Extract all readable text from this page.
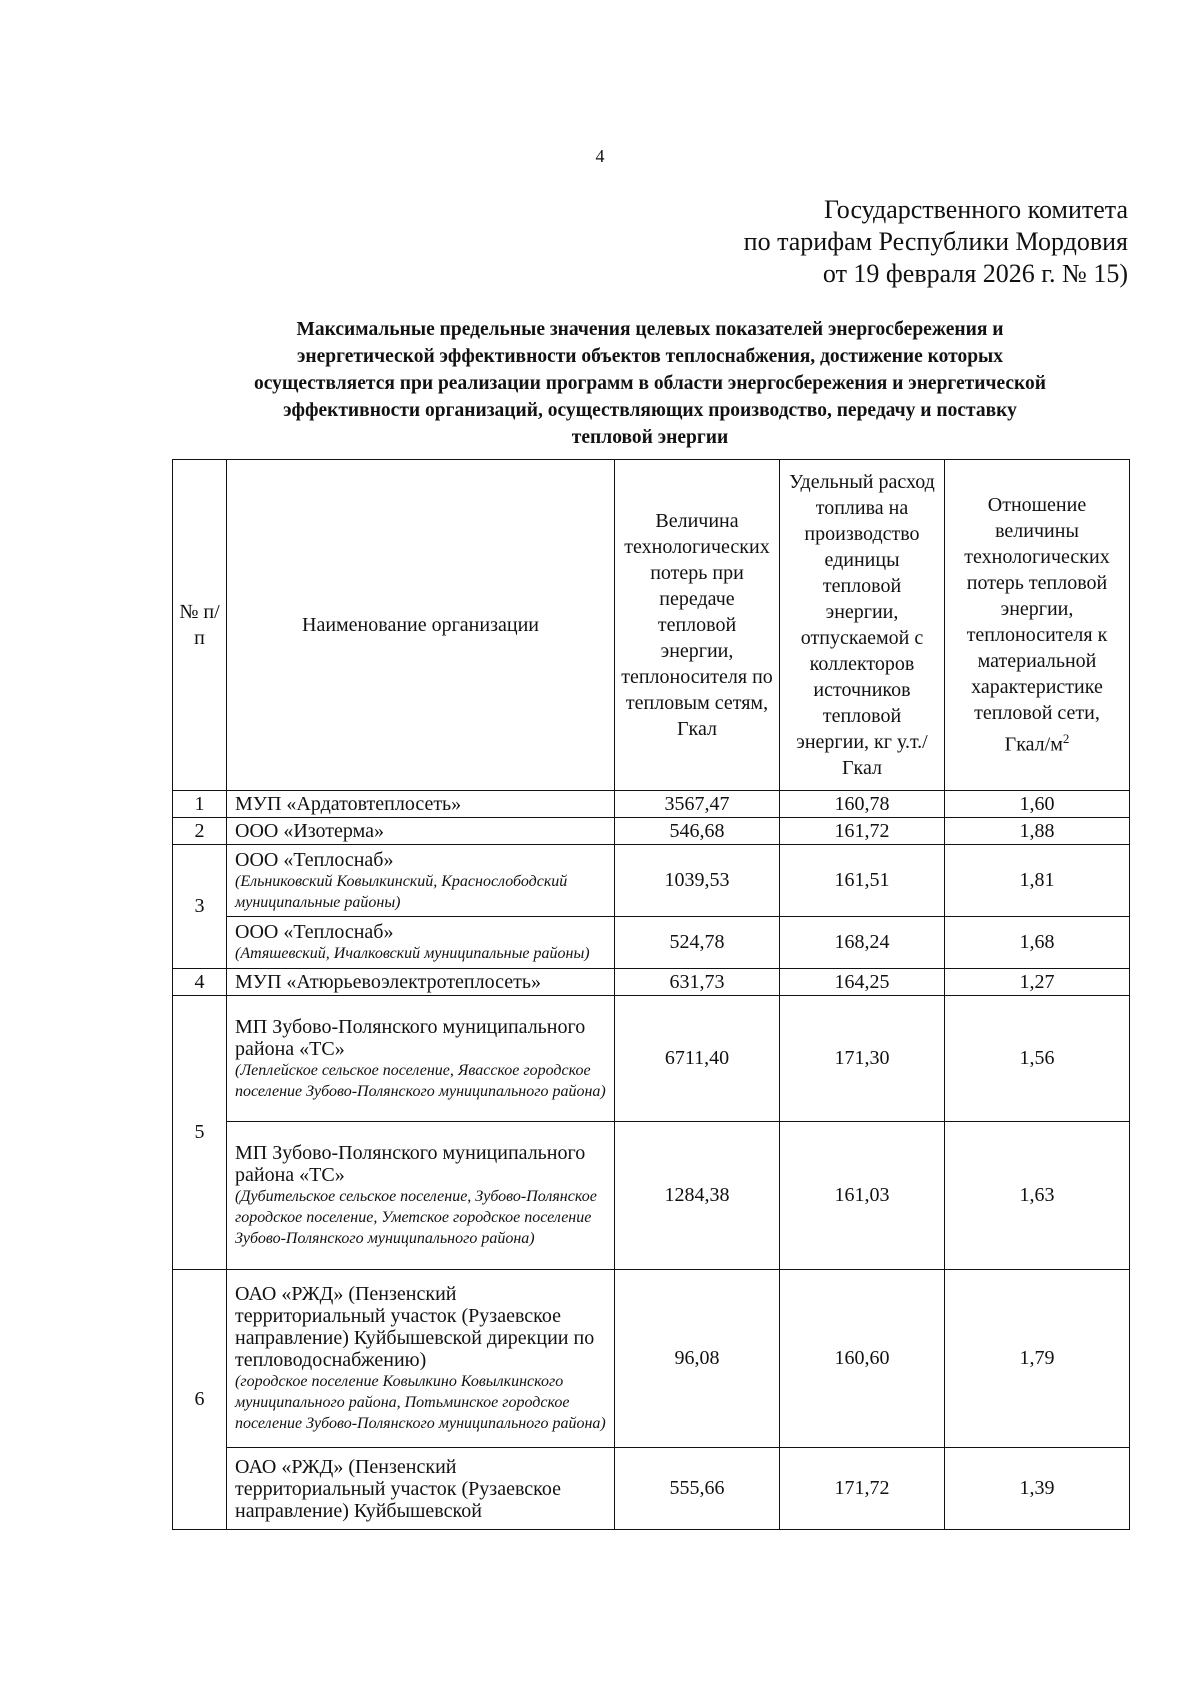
4
Государственного комитета
по тарифам Республики Мордовия
от 19 февраля 2026 г. № 15)
Максимальные предельные значения целевых показателей энергосбережения и
энергетической эффективности объектов теплоснабжения, достижение которых
осуществляется при реализации программ в области энергосбережения и энергетической
эффективности организаций, осуществляющих производство, передачу и поставку
тепловой энергии
№ п/п	Наименование организации	Величина технологических потерь при передаче тепловой энергии, теплоносителя по тепловым сетям, Гкал	Удельный расход топлива на производство единицы тепловой энергии, отпускаемой с коллекторов источников тепловой энергии, кг у.т./Гкал	Отношение величины технологических потерь тепловой энергии, теплоносителя к материальной характеристике тепловой сети, Гкал/$м^2$

1	МУП «Ардатовтеплосеть»	3567,47	160,78	1,60
2	ООО «Изотерма»	546,68	161,72	1,88
3	ООО «Теплоснаб»
(Ельниковский Ковылкинский, Краснослободский муниципальные районы)	1039,53	161,51	1,81

	ООО «Теплоснаб»
(Атяшевский, Ичалковский муниципальные районы)	524,78	168,24	1,68
4	МУП «Атюрьевоэлектротеплосеть»	631,73	164,25	1,27
5	МП Зубово-Полянского муниципального района «ТС»
(Леплейское сельское поселение, Явасское городское поселение Зубово-Полянского муниципального района)	6711,40	171,30	1,56

	МП Зубово-Полянского муниципального района «ТС»
(Дубительское сельское поселение, Зубово-Полянское городское поселение, Уметское городское поселение Зубово-Полянского муниципального района)	1284,38	161,03	1,63
6	ОАО «РЖД» (Пензенский территориальный участок (Рузаевское направление) Куйбышевской дирекции по тепловодоснабжению)
(городское поселение Ковылкино Ковылкинского муниципального района, Потьминское городское поселение Зубово-Полянского муниципального района)	96,08	160,60	1,79

	ОАО «РЖД» (Пензенский территориальный участок (Рузаевское направление) Куйбышевской	555,66	171,72	1,39
